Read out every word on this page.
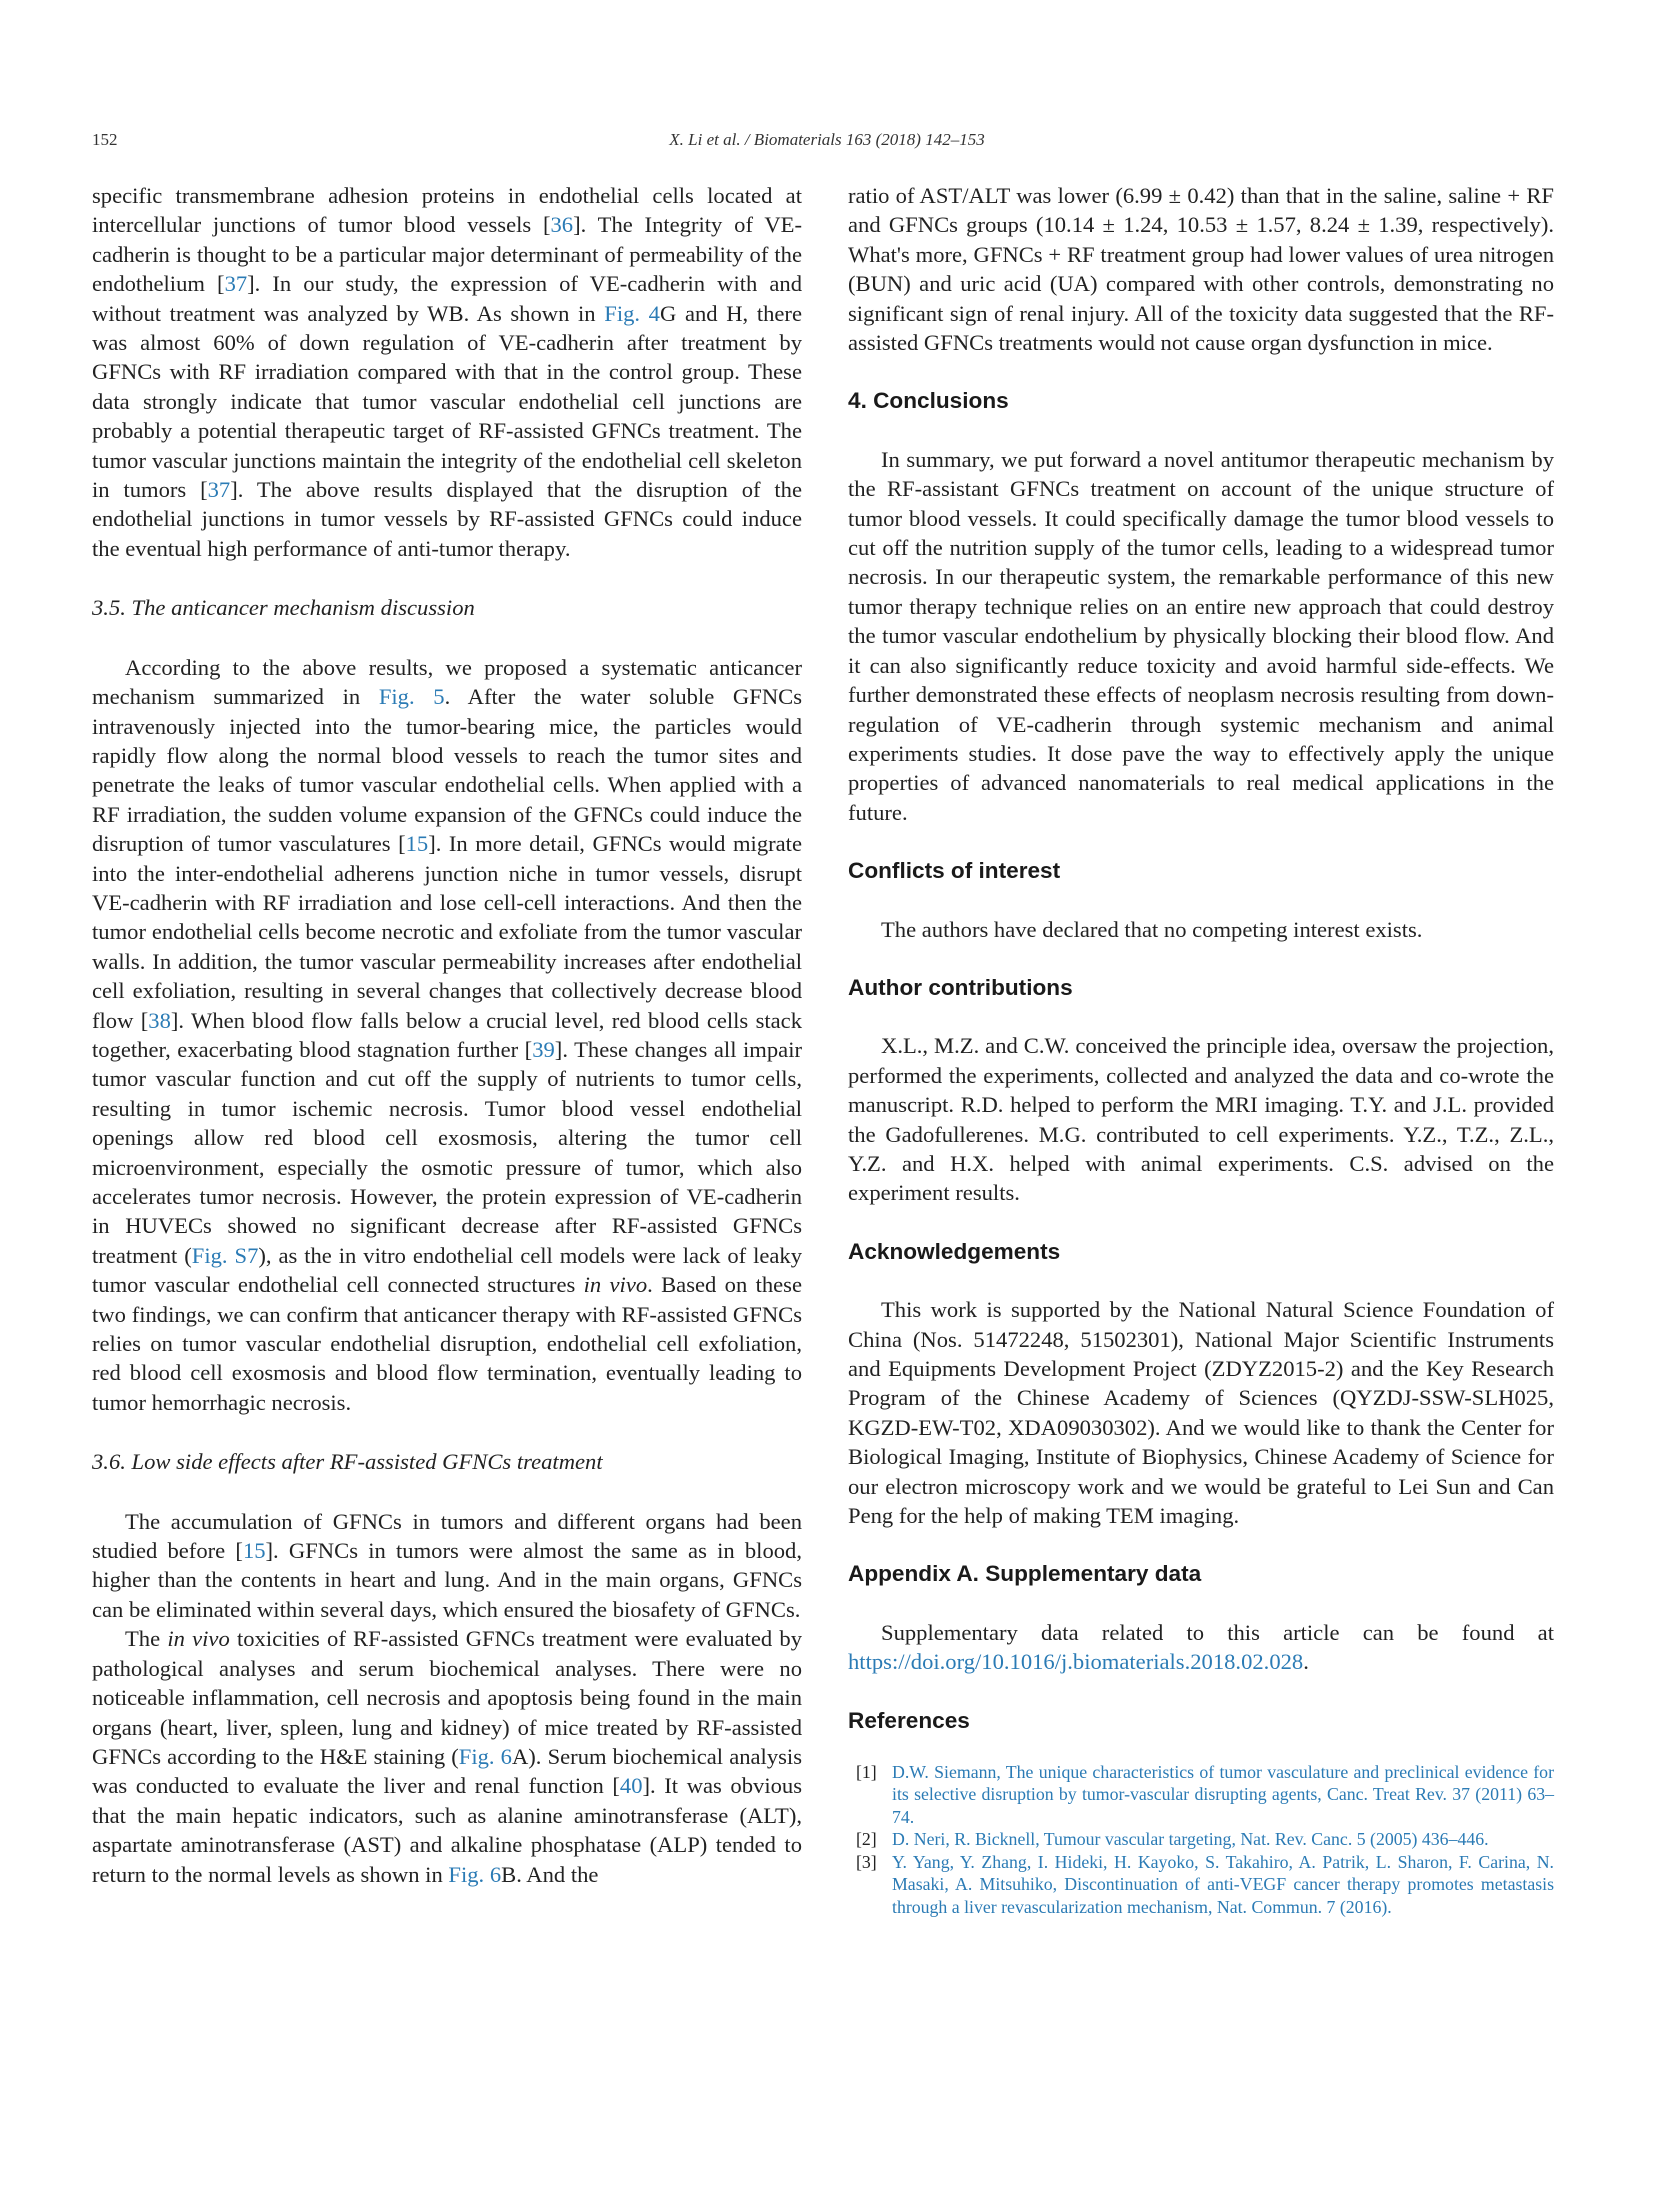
152	X. Li et al. / Biomaterials 163 (2018) 142–153

specific transmembrane adhesion proteins in endothelial cells located at intercellular junctions of tumor blood vessels [36]. The Integrity of VE-cadherin is thought to be a particular major determinant of permeability of the endothelium [37]. In our study, the expression of VE-cadherin with and without treatment was analyzed by WB. As shown in Fig. 4G and H, there was almost 60% of down regulation of VE-cadherin after treatment by GFNCs with RF irradiation compared with that in the control group. These data strongly indicate that tumor vascular endothelial cell junctions are probably a potential therapeutic target of RF-assisted GFNCs treatment. The tumor vascular junctions maintain the integrity of the endothelial cell skeleton in tumors [37]. The above results displayed that the disruption of the endothelial junctions in tumor vessels by RF-assisted GFNCs could induce the eventual high performance of anti-tumor therapy.

3.5. The anticancer mechanism discussion

According to the above results, we proposed a systematic anticancer mechanism summarized in Fig. 5. After the water soluble GFNCs intravenously injected into the tumor-bearing mice, the particles would rapidly flow along the normal blood vessels to reach the tumor sites and penetrate the leaks of tumor vascular endothelial cells. When applied with a RF irradiation, the sudden volume expansion of the GFNCs could induce the disruption of tumor vasculatures [15]. In more detail, GFNCs would migrate into the inter-endothelial adherens junction niche in tumor vessels, disrupt VE-cadherin with RF irradiation and lose cell-cell interactions. And then the tumor endothelial cells become necrotic and exfoliate from the tumor vascular walls. In addition, the tumor vascular permeability increases after endothelial cell exfoliation, resulting in several changes that collectively decrease blood flow [38]. When blood flow falls below a crucial level, red blood cells stack together, exacerbating blood stagnation further [39]. These changes all impair tumor vascular function and cut off the supply of nutrients to tumor cells, resulting in tumor ischemic necrosis. Tumor blood vessel endothelial openings allow red blood cell exosmosis, altering the tumor cell microenvironment, especially the osmotic pressure of tumor, which also accelerates tumor necrosis. However, the protein expression of VE-cadherin in HUVECs showed no significant decrease after RF-assisted GFNCs treatment (Fig. S7), as the in vitro endothelial cell models were lack of leaky tumor vascular endothelial cell connected structures in vivo. Based on these two findings, we can confirm that anticancer therapy with RF-assisted GFNCs relies on tumor vascular endothelial disruption, endothelial cell exfoliation, red blood cell exosmosis and blood flow termination, eventually leading to tumor hemorrhagic necrosis.

3.6. Low side effects after RF-assisted GFNCs treatment

The accumulation of GFNCs in tumors and different organs had been studied before [15]. GFNCs in tumors were almost the same as in blood, higher than the contents in heart and lung. And in the main organs, GFNCs can be eliminated within several days, which ensured the biosafety of GFNCs.

The in vivo toxicities of RF-assisted GFNCs treatment were evaluated by pathological analyses and serum biochemical analyses. There were no noticeable inflammation, cell necrosis and apoptosis being found in the main organs (heart, liver, spleen, lung and kidney) of mice treated by RF-assisted GFNCs according to the H&E staining (Fig. 6A). Serum biochemical analysis was conducted to evaluate the liver and renal function [40]. It was obvious that the main hepatic indicators, such as alanine aminotransferase (ALT), aspartate aminotransferase (AST) and alkaline phosphatase (ALP) tended to return to the normal levels as shown in Fig. 6B. And the

ratio of AST/ALT was lower (6.99 ± 0.42) than that in the saline, saline + RF and GFNCs groups (10.14 ± 1.24, 10.53 ± 1.57, 8.24 ± 1.39, respectively). What's more, GFNCs + RF treatment group had lower values of urea nitrogen (BUN) and uric acid (UA) compared with other controls, demonstrating no significant sign of renal injury. All of the toxicity data suggested that the RF-assisted GFNCs treatments would not cause organ dysfunction in mice.

4. Conclusions

In summary, we put forward a novel antitumor therapeutic mechanism by the RF-assistant GFNCs treatment on account of the unique structure of tumor blood vessels. It could specifically damage the tumor blood vessels to cut off the nutrition supply of the tumor cells, leading to a widespread tumor necrosis. In our therapeutic system, the remarkable performance of this new tumor therapy technique relies on an entire new approach that could destroy the tumor vascular endothelium by physically blocking their blood flow. And it can also significantly reduce toxicity and avoid harmful side-effects. We further demonstrated these effects of neoplasm necrosis resulting from down-regulation of VE-cadherin through systemic mechanism and animal experiments studies. It dose pave the way to effectively apply the unique properties of advanced nanomaterials to real medical applications in the future.

Conflicts of interest

The authors have declared that no competing interest exists.

Author contributions

X.L., M.Z. and C.W. conceived the principle idea, oversaw the projection, performed the experiments, collected and analyzed the data and co-wrote the manuscript. R.D. helped to perform the MRI imaging. T.Y. and J.L. provided the Gadofullerenes. M.G. contributed to cell experiments. Y.Z., T.Z., Z.L., Y.Z. and H.X. helped with animal experiments. C.S. advised on the experiment results.

Acknowledgements

This work is supported by the National Natural Science Foundation of China (Nos. 51472248, 51502301), National Major Scientific Instruments and Equipments Development Project (ZDYZ2015-2) and the Key Research Program of the Chinese Academy of Sciences (QYZDJ-SSW-SLH025, KGZD-EW-T02, XDA09030302). And we would like to thank the Center for Biological Imaging, Institute of Biophysics, Chinese Academy of Science for our electron microscopy work and we would be grateful to Lei Sun and Can Peng for the help of making TEM imaging.

Appendix A. Supplementary data

Supplementary data related to this article can be found at https://doi.org/10.1016/j.biomaterials.2018.02.028.

References

[1] D.W. Siemann, The unique characteristics of tumor vasculature and preclinical evidence for its selective disruption by tumor-vascular disrupting agents, Canc. Treat Rev. 37 (2011) 63–74.
[2] D. Neri, R. Bicknell, Tumour vascular targeting, Nat. Rev. Canc. 5 (2005) 436–446.
[3] Y. Yang, Y. Zhang, I. Hideki, H. Kayoko, S. Takahiro, A. Patrik, L. Sharon, F. Carina, N. Masaki, A. Mitsuhiko, Discontinuation of anti-VEGF cancer therapy promotes metastasis through a liver revascularization mechanism, Nat. Commun. 7 (2016).
